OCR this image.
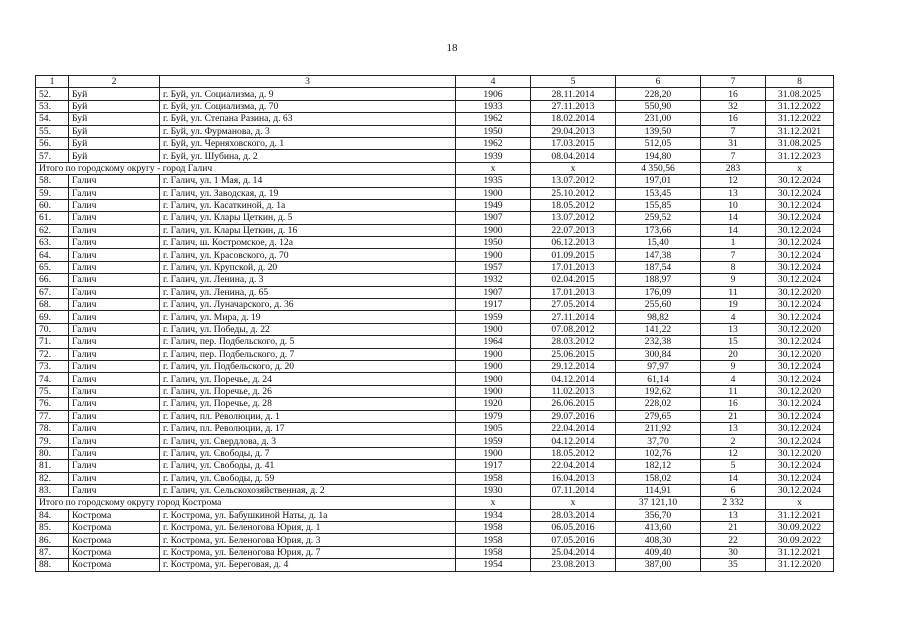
18
1	2	3	4	5	6	7	8
52.	Буй	г. Буй, ул. Социализма, д. 9	1906	28.11.2014	228,20	16	31.08.2025
53.	Буй	г. Буй, ул. Социализма, д. 70	1933	27.11.2013	550,90	32	31.12.2022
54.	Буй	г. Буй, ул. Степана Разина, д. 63	1962	18.02.2014	231,00	16	31.12.2022
55.	Буй	г. Буй, ул. Фурманова, д. 3	1950	29.04.2013	139,50	7	31.12.2021
56.	Буй	г. Буй, ул. Черняховского, д. 1	1962	17.03.2015	512,05	31	31.08.2025
57.	Буй	г. Буй, ул. Шубина, д. 2	1939	08.04.2014	194,80	7	31.12.2023
Итого по городскому округу - город Галич			х	х	4 350,56	283	х
58.	Галич	г. Галич, ул. 1 Мая, д. 14	1935	13.07.2012	197,01	12	30.12.2024
59.	Галич	г. Галич, ул. Заводская, д. 19	1900	25.10.2012	153,45	13	30.12.2024
60.	Галич	г. Галич, ул. Касаткиной, д. 1а	1949	18.05.2012	155,85	10	30.12.2024
61.	Галич	г. Галич, ул. Клары Цеткин, д. 5	1907	13.07.2012	259,52	14	30.12.2024
62.	Галич	г. Галич, ул. Клары Цеткин, д. 16	1900	22.07.2013	173,66	14	30.12.2024
63.	Галич	г. Галич, ш. Костромское, д. 12а	1950	06.12.2013	15,40	1	30.12.2024
64.	Галич	г. Галич, ул. Красовского, д. 70	1900	01.09.2015	147,38	7	30.12.2024
65.	Галич	г. Галич, ул. Крупской, д. 20	1957	17.01.2013	187,54	8	30.12.2024
66.	Галич	г. Галич, ул. Ленина, д. 3	1932	02.04.2015	188,97	9	30.12.2024
67.	Галич	г. Галич, ул. Ленина, д. 65	1907	17.01.2013	176,09	11	30.12.2020
68.	Галич	г. Галич, ул. Луначарского, д. 36	1917	27.05.2014	255,60	19	30.12.2024
69.	Галич	г. Галич, ул. Мира, д. 19	1959	27.11.2014	98,82	4	30.12.2024
70.	Галич	г. Галич, ул. Победы, д. 22	1900	07.08.2012	141,22	13	30.12.2020
71.	Галич	г. Галич, пер. Подбельского, д. 5	1964	28.03.2012	232,38	15	30.12.2024
72.	Галич	г. Галич, пер. Подбельского, д. 7	1900	25.06.2015	300,84	20	30.12.2020
73.	Галич	г. Галич, ул. Подбельского, д. 20	1900	29.12.2014	97,97	9	30.12.2024
74.	Галич	г. Галич, ул. Поречье, д. 24	1900	04.12.2014	61,14	4	30.12.2024
75.	Галич	г. Галич, ул. Поречье, д. 26	1900	11.02.2013	192,62	11	30.12.2020
76.	Галич	г. Галич, ул. Поречье, д. 28	1920	26.06.2015	228,02	16	30.12.2024
77.	Галич	г. Галич, пл. Революции, д. 1	1979	29.07.2016	279,65	21	30.12.2024
78.	Галич	г. Галич, пл. Революции, д. 17	1905	22.04.2014	211,92	13	30.12.2024
79.	Галич	г. Галич, ул. Свердлова, д. 3	1959	04.12.2014	37,70	2	30.12.2024
80.	Галич	г. Галич, ул. Свободы, д. 7	1900	18.05.2012	102,76	12	30.12.2020
81.	Галич	г. Галич, ул. Свободы, д. 41	1917	22.04.2014	182,12	5	30.12.2024
82.	Галич	г. Галич, ул. Свободы, д. 59	1958	16.04.2013	158,02	14	30.12.2024
83.	Галич	г. Галич, ул. Сельскохозяйственная, д. 2	1930	07.11.2014	114,91	6	30.12.2024
Итого по городскому округу город Кострома			х	х	37 121,10	2 332	х
84.	Кострома	г. Кострома, ул. Бабушкиной Наты, д. 1а	1934	28.03.2014	356,70	13	31.12.2021
85.	Кострома	г. Кострома, ул. Беленогова Юрия, д. 1	1958	06.05.2016	413,60	21	30.09.2022
86.	Кострома	г. Кострома, ул. Беленогова Юрия, д. 3	1958	07.05.2016	408,30	22	30.09.2022
87.	Кострома	г. Кострома, ул. Беленогова Юрия, д. 7	1958	25.04.2014	409,40	30	31.12.2021
88.	Кострома	г. Кострома, ул. Береговая, д. 4	1954	23.08.2013	387,00	35	31.12.2020
